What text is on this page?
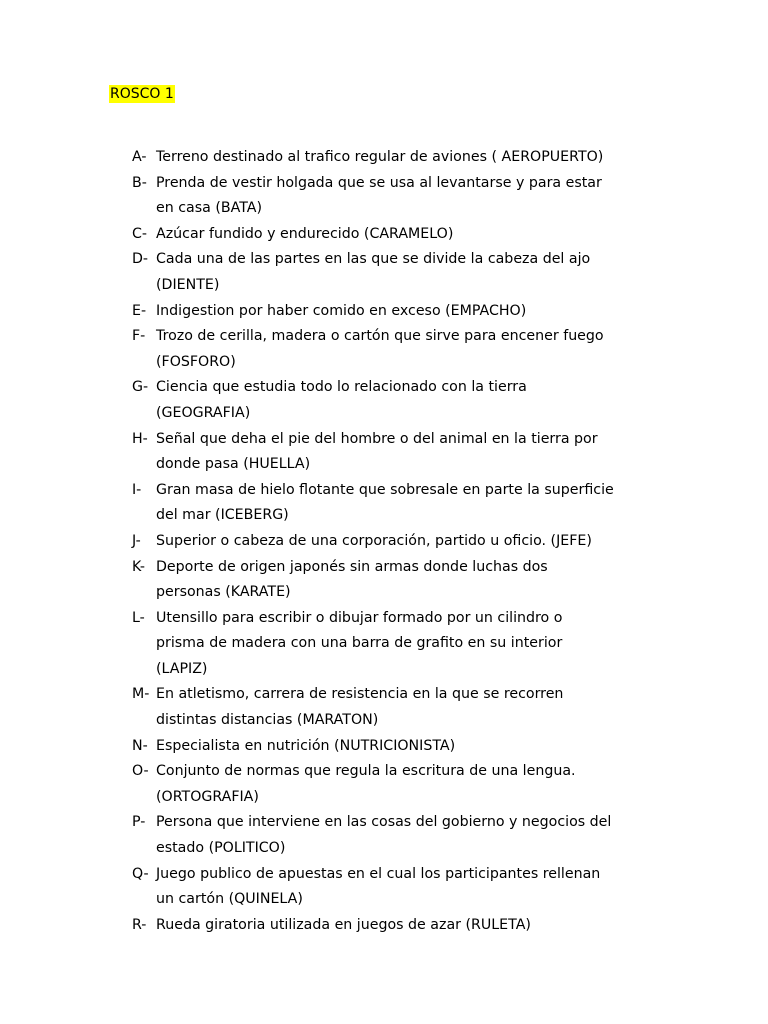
ROSCO 1
A- Terreno destinado al trafico regular de aviones ( AEROPUERTO)
B- Prenda de vestir holgada que se usa al levantarse y para estar
en casa (BATA)
C- Azúcar fundido y endurecido (CARAMELO)
D- Cada una de las partes en las que se divide la cabeza del ajo
(DIENTE)
E- Indigestion por haber comido en exceso (EMPACHO)
F- Trozo de cerilla, madera o cartón que sirve para encener fuego
(FOSFORO)
G- Ciencia que estudia todo lo relacionado con la tierra
(GEOGRAFIA)
H- Señal que deha el pie del hombre o del animal en la tierra por
donde pasa (HUELLA)
I-	Gran masa de hielo flotante que sobresale en parte la superficie
del mar (ICEBERG)
J-	Superior o cabeza de una corporación, partido u oficio. (JEFE)
K- Deporte de origen japonés sin armas donde luchas dos
personas (KARATE)
L- Utensillo para escribir o dibujar formado por un cilindro o
prisma de madera con una barra de grafito en su interior
(LAPIZ)
M- En atletismo, carrera de resistencia en la que se recorren
distintas distancias (MARATON)
N- Especialista en nutrición (NUTRICIONISTA)
O- Conjunto de normas que regula la escritura de una lengua.
(ORTOGRAFIA)
P- Persona que interviene en las cosas del gobierno y negocios del
estado (POLITICO)
Q- Juego publico de apuestas en el cual los participantes rellenan
un cartón (QUINELA)
R- Rueda giratoria utilizada en juegos de azar (RULETA)
